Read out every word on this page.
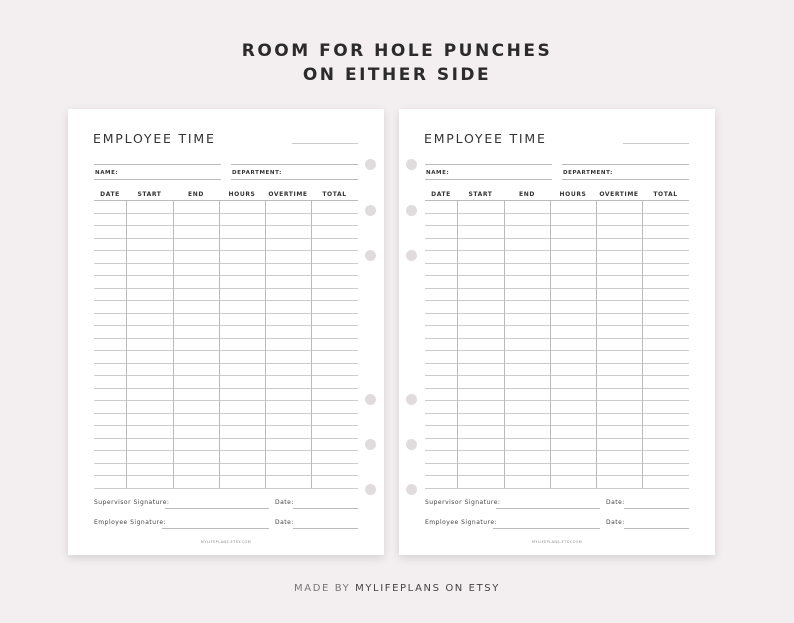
ROOM FOR HOLE PUNCHES
ON EITHER SIDE
EMPLOYEE TIME
NAME:	DEPARTMENT:
DATE	START	END	HOURS	OVERTIME	TOTAL
Supervisor Signature:	Date:
Employee Signature:	Date:
MYLIFEPLANS.ETSY.COM
EMPLOYEE TIME
NAME:	DEPARTMENT:
DATE	START	END	HOURS	OVERTIME	TOTAL
Supervisor Signature:	Date:
Employee Signature:	Date:
MYLIFEPLANS.ETSY.COM
MADE BY MYLIFEPLANS ON ETSY
